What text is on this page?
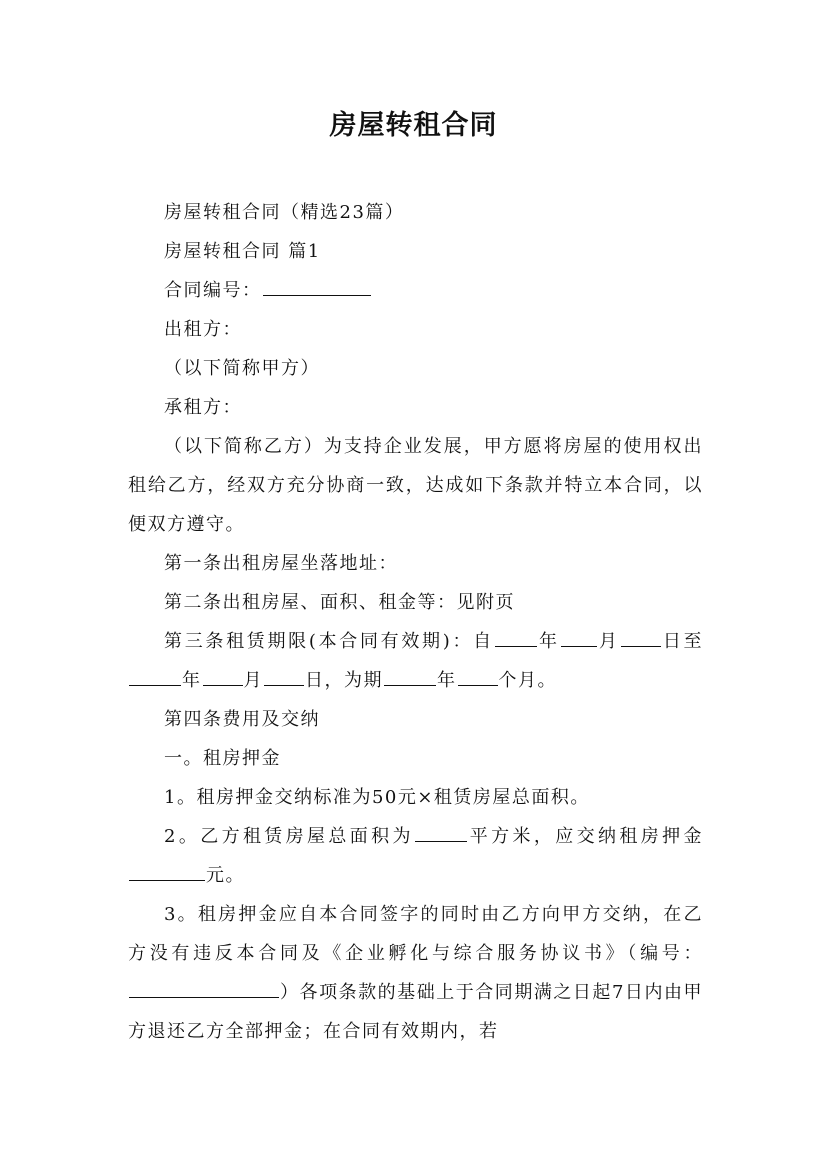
房屋转租合同

房屋转租合同（精选23篇）

房屋转租合同 篇1

合同编号：

出租方：

（以下简称甲方）

承租方：

（以下简称乙方）为支持企业发展，甲方愿将房屋的使用权出租给乙方，经双方充分协商一致，达成如下条款并特立本合同，以便双方遵守。

第一条出租房屋坐落地址：

第二条出租房屋、面积、租金等：见附页

第三条租赁期限(本合同有效期)：自 年 月 日至年 月 日，为期	年 个月。

第四条费用及交纳

一。租房押金

1。租房押金交纳标准为50元×租赁房屋总面积。

2。乙方租赁房屋总面积为	平方米，应交纳租房押金元。

3。租房押金应自本合同签字的同时由乙方向甲方交纳，在乙方没有违反本合同及《企业孵化与综合服务协议书》（编号：）各项条款的基础上于合同期满之日起7日内由甲方退还乙方全部押金；在合同有效期内，若
